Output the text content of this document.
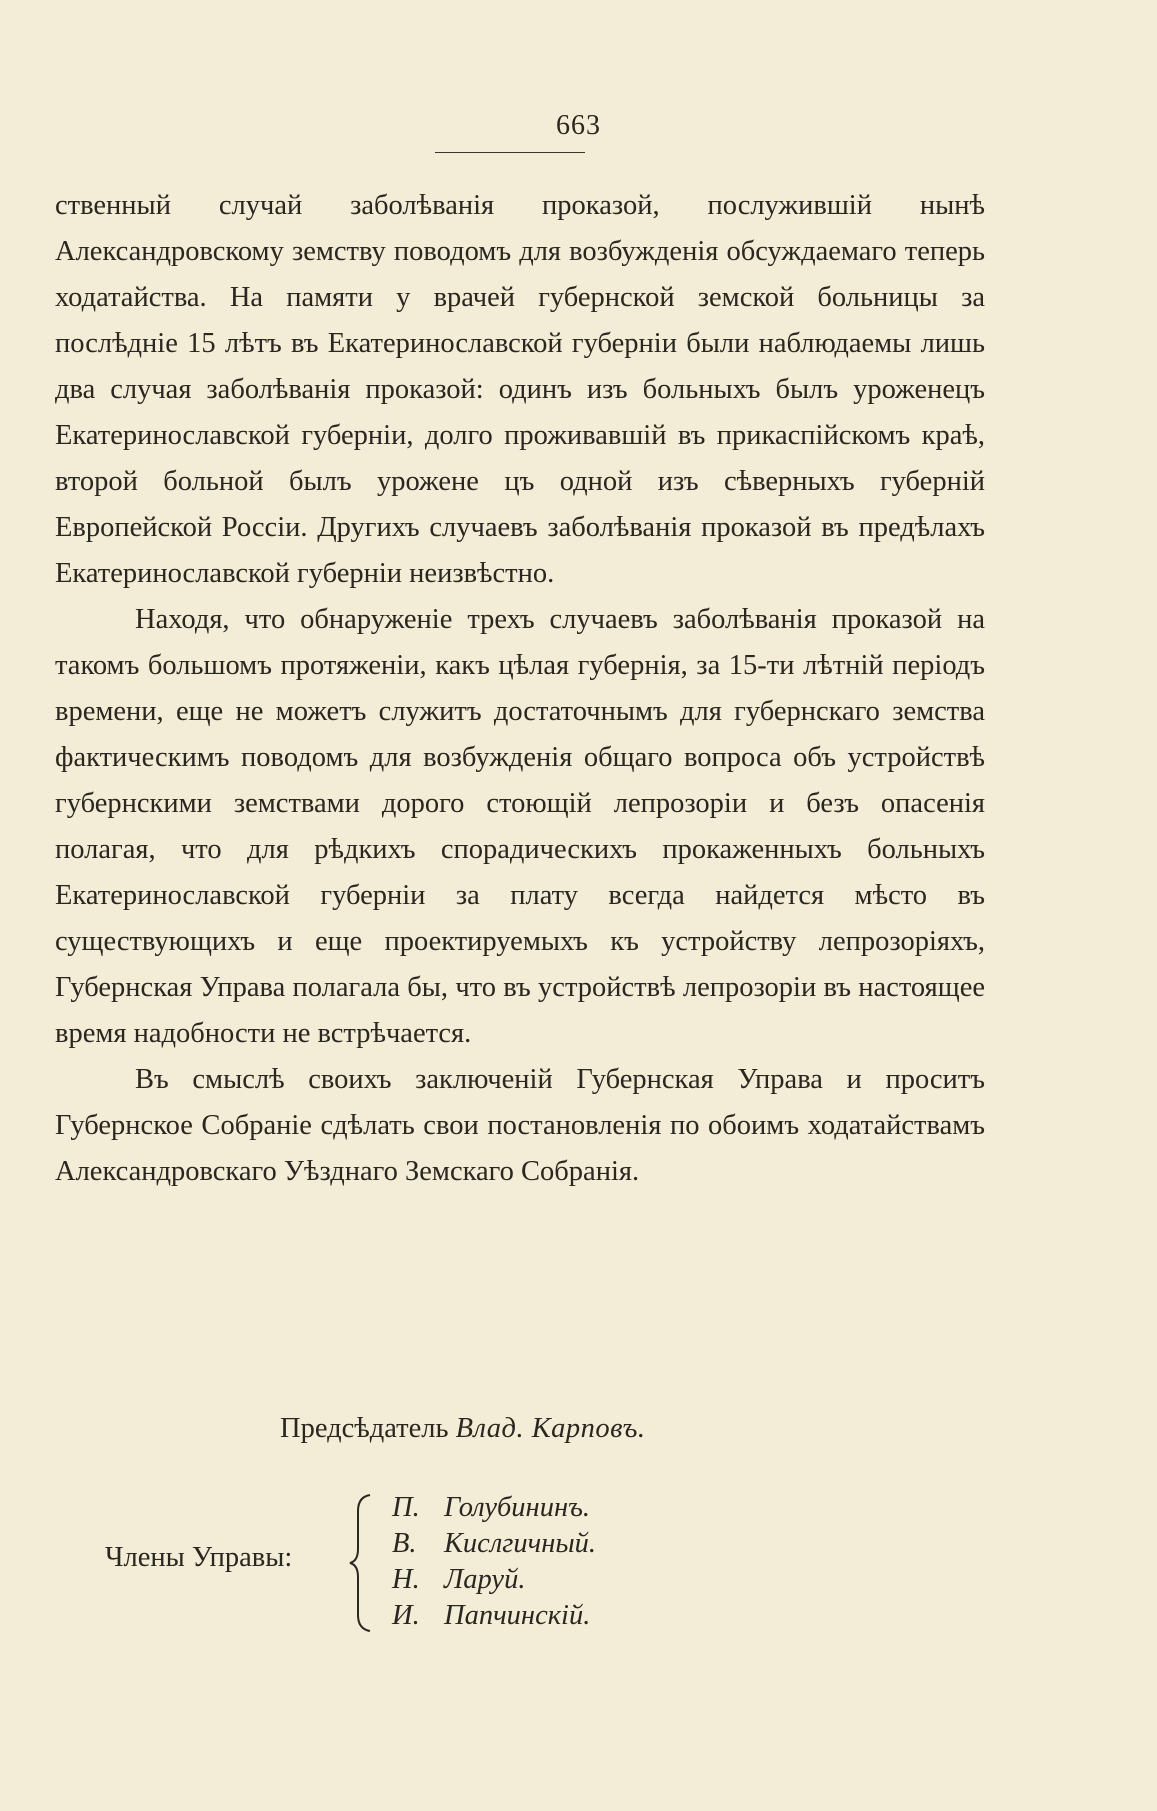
663

ственный случай заболѣванія проказой, послужившій нынѣ Александровскому земству поводомъ для возбужденія обсуждаемаго теперь ходатайства. На памяти у врачей губернской земской больницы за послѣдніе 15 лѣтъ въ Екатеринославской губерніи были наблюдаемы лишь два случая заболѣванія проказой: одинъ изъ больныхъ былъ уроженецъ Екатеринославской губерніи, долго проживавшій въ прикаспійскомъ краѣ, второй больной былъ урожене цъ одной изъ сѣверныхъ губерній Европейской Россіи. Другихъ случаевъ заболѣванія проказой въ предѣлахъ Екатеринославской губерніи неизвѣстно.

Находя, что обнаруженіе трехъ случаевъ заболѣванія проказой на такомъ большомъ протяженіи, какъ цѣлая губернія, за 15-ти лѣтній періодъ времени, еще не можетъ служитъ достаточнымъ для губернскаго земства фактическимъ поводомъ для возбужденія общаго вопроса объ устройствѣ губернскими земствами дорого стоющій лепрозоріи и безъ опасенія полагая, что для рѣдкихъ спорадическихъ прокаженныхъ больныхъ Екатеринославской губерніи за плату всегда найдется мѣсто въ существующихъ и еще проектируемыхъ къ устройству лепрозоріяхъ, Губернская Управа полагала бы, что въ устройствѣ лепрозоріи въ настоящее время надобности не встрѣчается.

Въ смыслѣ своихъ заключеній Губернская Управа и проситъ Губернское Собраніе сдѣлать свои постановленія по обоимъ ходатайствамъ Александровскаго Уѣзднаго Земскаго Собранія.

Предсѣдатель Влад. Карповъ.
Члены Управы:
П. Голубининъ.
В. Кислгичный.
Н. Ларуй.
И. Папчинскій.
